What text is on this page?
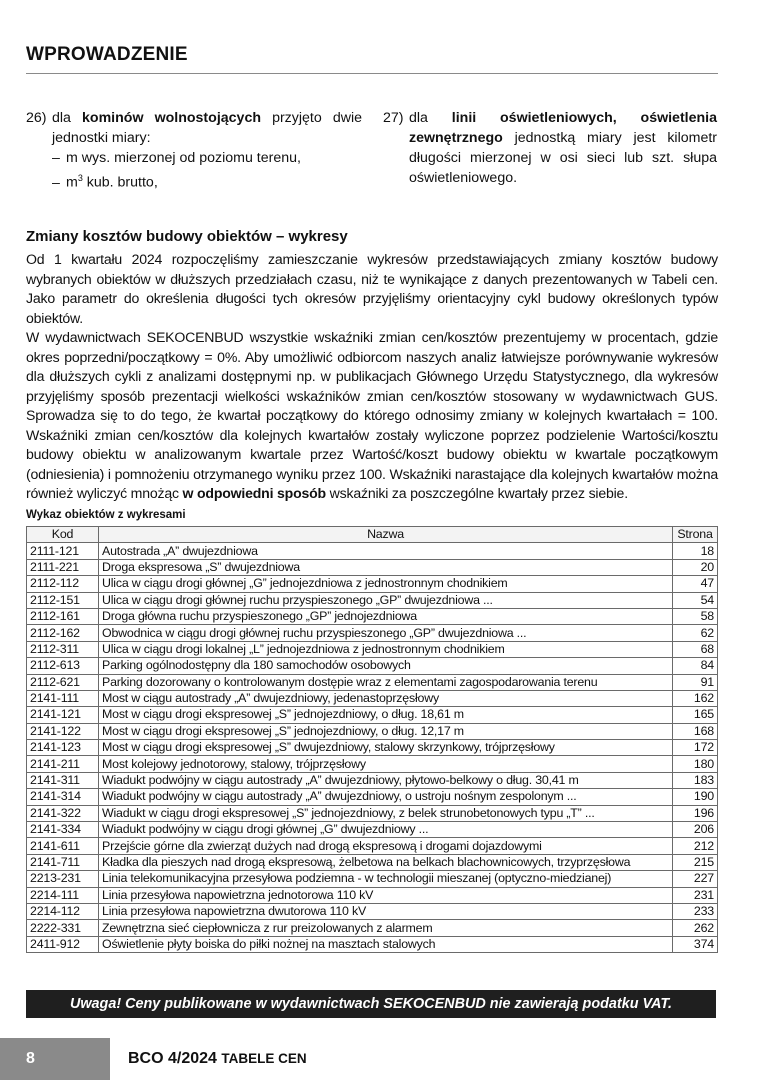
WPROWADZENIE
26) dla kominów wolnostojących przyjęto dwie jednostki miary:
– m wys. mierzonej od poziomu terenu,
– $m^3$ kub. brutto,
27) dla linii oświetleniowych, oświetlenia zewnętrznego jednostką miary jest kilometr długości mierzonej w osi sieci lub szt. słupa oświetleniowego.
Zmiany kosztów budowy obiektów – wykresy

Od 1 kwartału 2024 rozpoczęliśmy zamieszczanie wykresów przedstawiających zmiany kosztów budowy wybranych obiektów w dłuższych przedziałach czasu, niż te wynikające z danych prezentowanych w Tabeli cen. Jako parametr do określenia długości tych okresów przyjęliśmy orientacyjny cykl budowy określonych typów obiektów.

W wydawnictwach SEKOCENBUD wszystkie wskaźniki zmian cen/kosztów prezentujemy w procentach, gdzie okres poprzedni/początkowy = 0%. Aby umożliwić odbiorcom naszych analiz łatwiejsze porównywanie wykresów dla dłuższych cykli z analizami dostępnymi np. w publikacjach Głównego Urzędu Statystycznego, dla wykresów przyjęliśmy sposób prezentacji wielkości wskaźników zmian cen/kosztów stosowany w wydawnictwach GUS. Sprowadza się to do tego, że kwartał początkowy do którego odnosimy zmiany w kolejnych kwartałach = 100. Wskaźniki zmian cen/kosztów dla kolejnych kwartałów zostały wyliczone poprzez podzielenie Wartości/kosztu budowy obiektu w analizowanym kwartale przez Wartość/koszt budowy obiektu w kwartale początkowym (odniesienia) i pomnożeniu otrzymanego wyniku przez 100. Wskaźniki narastające dla kolejnych kwartałów można również wyliczyć mnożąc w odpowiedni sposób wskaźniki za poszczególne kwartały przez siebie.

Wykaz obiektów z wykresami
Kod	Nazwa	Strona
2111-121	Autostrada „A” dwujezdniowa	18
2111-221	Droga ekspresowa „S” dwujezdniowa	20
2112-112	Ulica w ciągu drogi głównej „G” jednojezdniowa z jednostronnym chodnikiem	47
2112-151	Ulica w ciągu drogi głównej ruchu przyspieszonego „GP” dwujezdniowa ...	54
2112-161	Droga główna ruchu przyspieszonego „GP” jednojezdniowa	58
2112-162	Obwodnica w ciągu drogi głównej ruchu przyspieszonego „GP” dwujezdniowa ...	62
2112-311	Ulica w ciągu drogi lokalnej „L” jednojezdniowa z jednostronnym chodnikiem	68
2112-613	Parking ogólnodostępny dla 180 samochodów osobowych	84
2112-621	Parking dozorowany o kontrolowanym dostępie wraz z elementami zagospodarowania terenu	91
2141-111	Most w ciągu autostrady „A” dwujezdniowy, jedenastoprzęsłowy	162
2141-121	Most w ciągu drogi ekspresowej „S” jednojezdniowy, o dług. 18,61 m	165
2141-122	Most w ciągu drogi ekspresowej „S” jednojezdniowy, o dług. 12,17 m	168
2141-123	Most w ciągu drogi ekspresowej „S” dwujezdniowy, stalowy skrzynkowy, trójprzęsłowy	172
2141-211	Most kolejowy jednotorowy, stalowy, trójprzęsłowy	180
2141-311	Wiadukt podwójny w ciągu autostrady „A” dwujezdniowy, płytowo-belkowy o dług. 30,41 m	183
2141-314	Wiadukt podwójny w ciągu autostrady „A” dwujezdniowy, o ustroju nośnym zespolonym ...	190
2141-322	Wiadukt w ciągu drogi ekspresowej „S” jednojezdniowy, z belek strunobetonowych typu „T” ...	196
2141-334	Wiadukt podwójny w ciągu drogi głównej „G” dwujezdniowy ...	206
2141-611	Przejście górne dla zwierząt dużych nad drogą ekspresową i drogami dojazdowymi	212
2141-711	Kładka dla pieszych nad drogą ekspresową, żelbetowa na belkach blachownicowych, trzyprzęsłowa	215
2213-231	Linia telekomunikacyjna przesyłowa podziemna - w technologii mieszanej (optyczno-miedzianej)	227
2214-111	Linia przesyłowa napowietrzna jednotorowa 110 kV	231
2214-112	Linia przesyłowa napowietrzna dwutorowa 110 kV	233
2222-331	Zewnętrzna sieć ciepłownicza z rur preizolowanych z alarmem	262
2411-912	Oświetlenie płyty boiska do piłki nożnej na masztach stalowych	374
Uwaga! Ceny publikowane w wydawnictwach SEKOCENBUD nie zawierają podatku VAT.
8	BCO 4/2024 TABELE CEN
